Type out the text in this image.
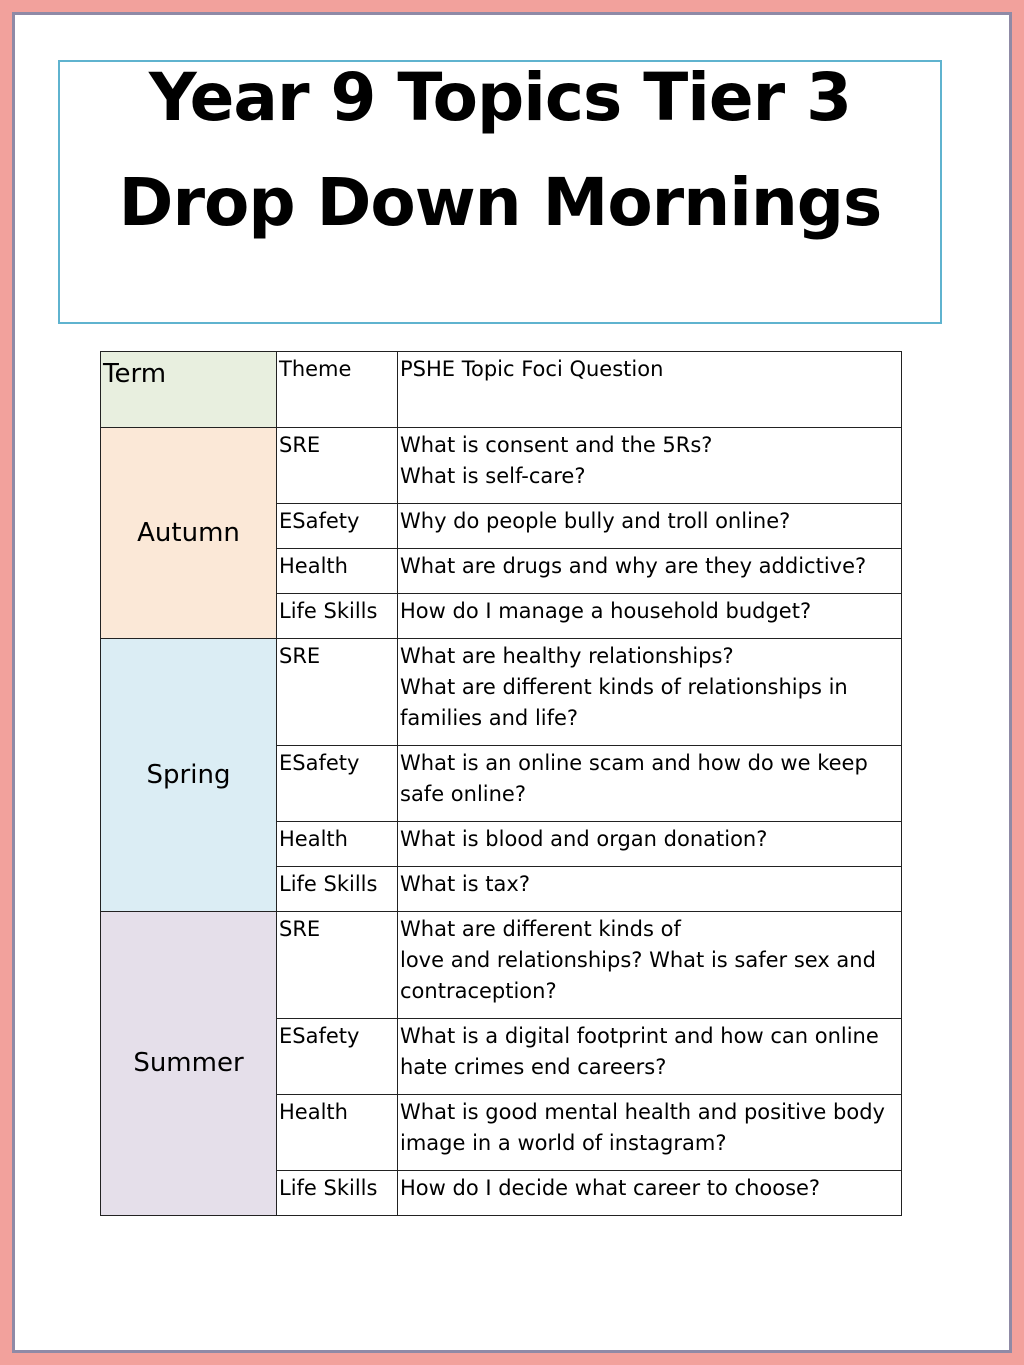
Year 9 Topics Tier 3
Drop Down Mornings
Term	Theme	PSHE Topic Foci Question
Autumn	SRE	What is consent and the 5Rs?
What is self-care?

	ESafety	Why do people bully and troll online?

	Health	What are drugs and why are they addictive?

	Life Skills	How do I manage a household budget?

Spring	SRE	What are healthy relationships?
What are different kinds of relationships in families and life?

	ESafety	What is an online scam and how do we keep safe online?

	Health	What is blood and organ donation?

	Life Skills	What is tax?

Summer	SRE	What are different kinds of
love and relationships? What is safer sex and contraception?

	ESafety	What is a digital footprint and how can online hate crimes end careers?

	Health	What is good mental health and positive body image in a world of instagram?

	Life Skills	How do I decide what career to choose?
